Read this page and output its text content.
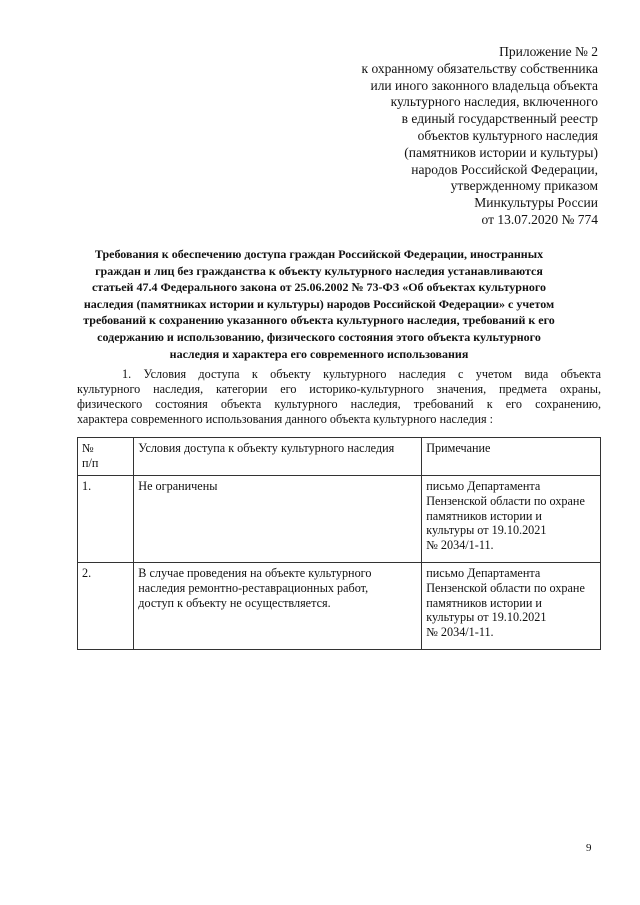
Приложение № 2
к охранному обязательству собственника
или иного законного владельца объекта
культурного наследия, включенного
в единый государственный реестр
объектов культурного наследия
(памятников истории и культуры)
народов Российской Федерации,
утвержденному приказом
Минкультуры России
от 13.07.2020 № 774
Требования к обеспечению доступа граждан Российской Федерации, иностранных
граждан и лиц без гражданства к объекту культурного наследия устанавливаются
статьей 47.4 Федерального закона от 25.06.2002 № 73-ФЗ «Об объектах культурного
наследия (памятниках истории и культуры) народов Российской Федерации» с учетом
требований к сохранению указанного объекта культурного наследия, требований к его
содержанию и использованию, физического состояния этого объекта культурного
наследия и характера его современного использования
1. Условия доступа к объекту культурного наследия с учетом вида объекта
культурного наследия, категории его историко-культурного значения, предмета охраны,
физического состояния объекта культурного наследия, требований к его сохранению,
характера современного использования данного объекта культурного наследия :
№
п/п	Условия доступа к объекту культурного наследия	Примечание
1.	Не ограничены	письмо Департамента
Пензенской области по охране
памятников истории и
культуры от 19.10.2021
№ 2034/1-11.

2.	В случае проведения на объекте культурного
наследия ремонтно-реставрационных работ,
доступ к объекту не осуществляется.	письмо Департамента
Пензенской области по охране
памятников истории и
культуры от 19.10.2021
№ 2034/1-11.
9
